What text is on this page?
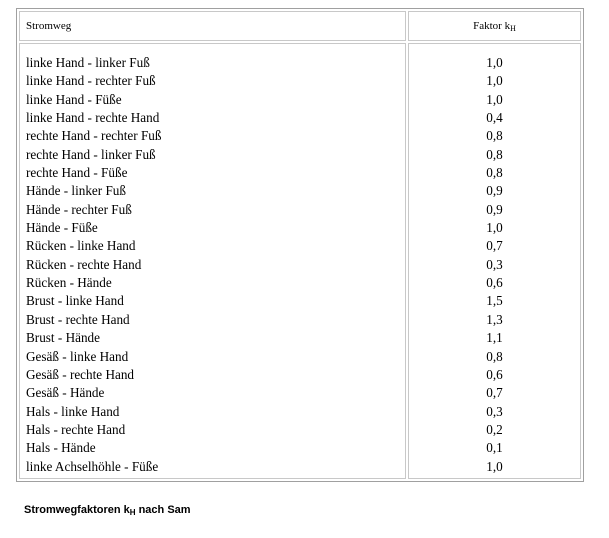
Stromweg	Faktor $k_H$
linke Hand - linker Fuß
linke Hand - rechter Fuß
linke Hand - Füße
linke Hand - rechte Hand
rechte Hand - rechter Fuß
rechte Hand - linker Fuß
rechte Hand - Füße
Hände - linker Fuß
Hände - rechter Fuß
Hände - Füße
Rücken - linke Hand
Rücken - rechte Hand
Rücken - Hände
Brust - linke Hand
Brust - rechte Hand
Brust - Hände
Gesäß - linke Hand
Gesäß - rechte Hand
Gesäß - Hände
Hals - linke Hand
Hals - rechte Hand
Hals - Hände
linke Achselhöhle - Füße
1,0
1,0
1,0
0,4
0,8
0,8
0,8
0,9
0,9
1,0
0,7
0,3
0,6
1,5
1,3
1,1
0,8
0,6
0,7
0,3
0,2
0,1
1,0
Stromwegfaktoren $k_H$ nach Sam
